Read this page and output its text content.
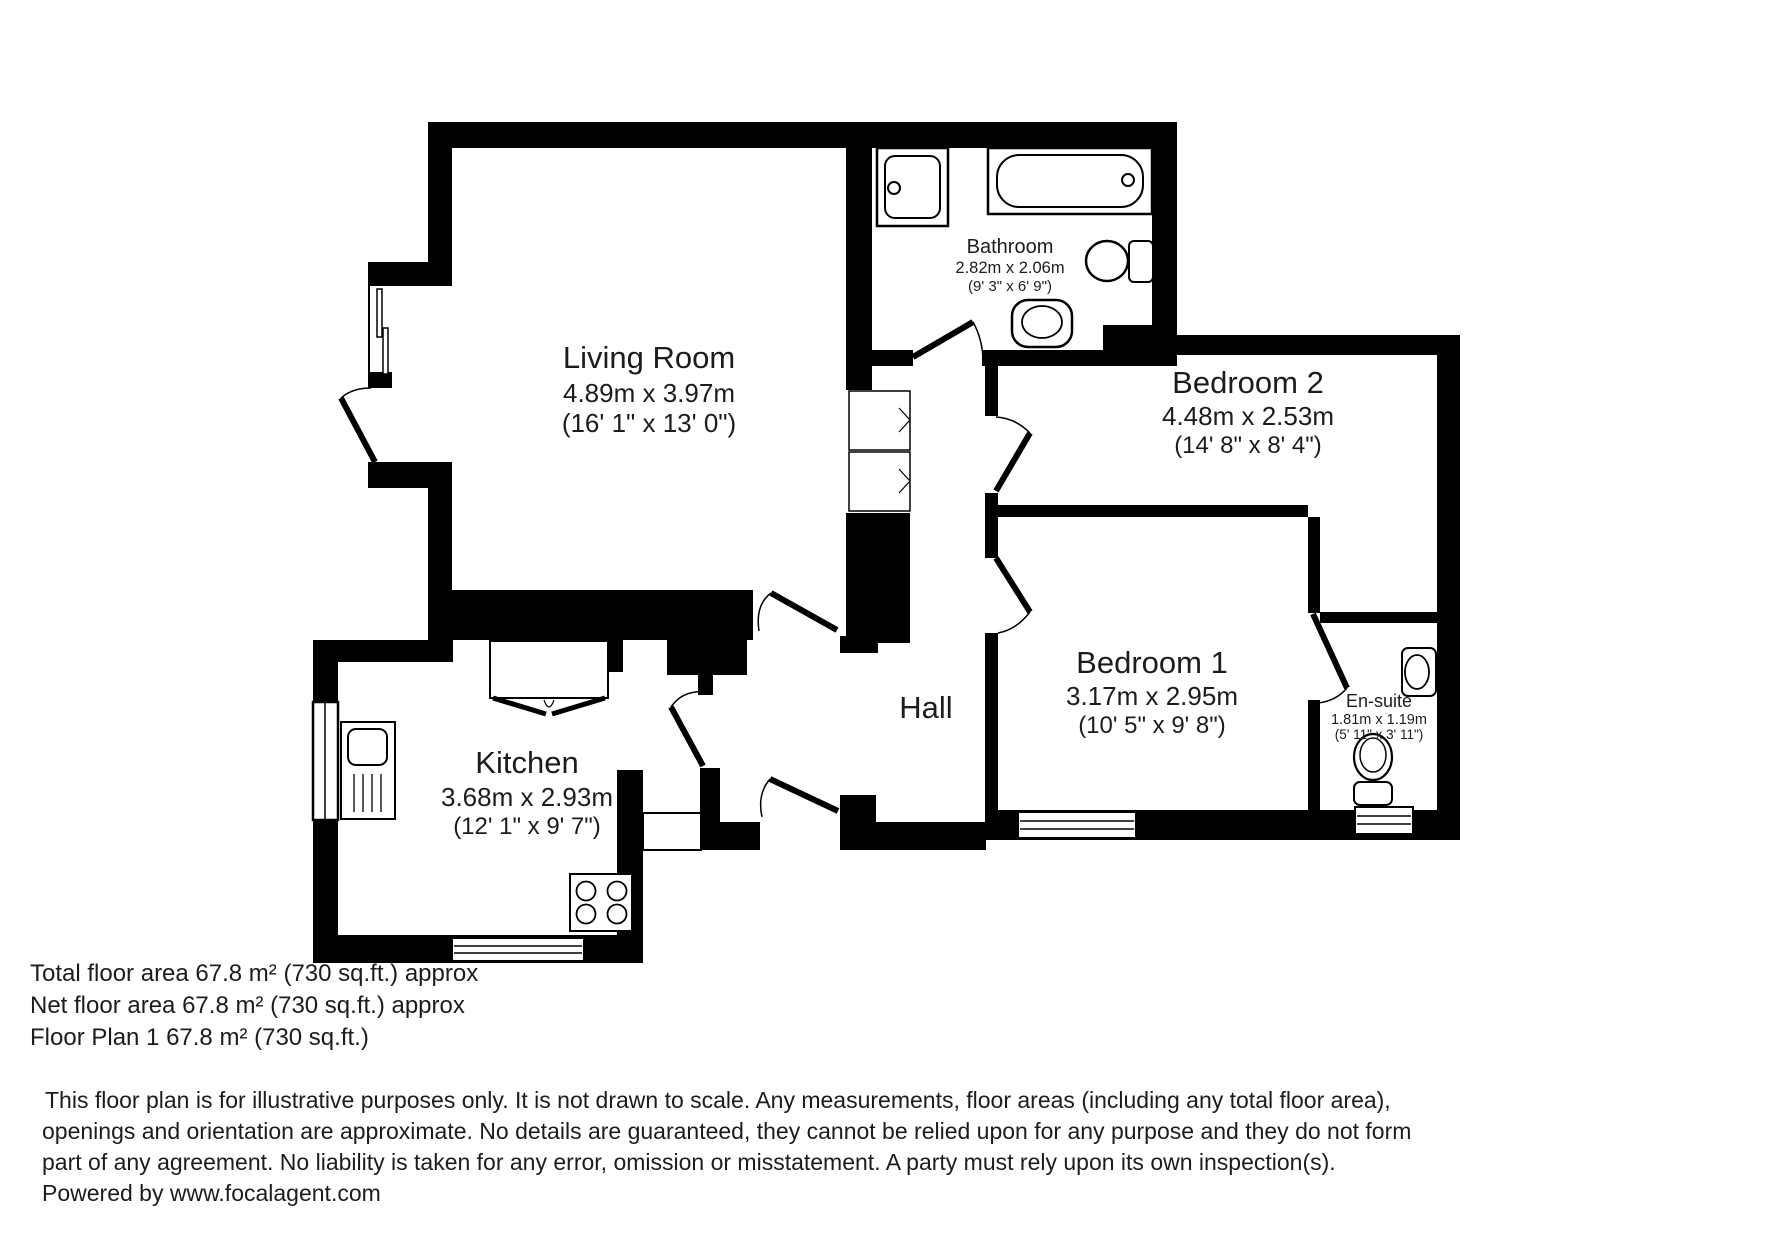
Living Room
4.89m x 3.97m
(16' 1" x 13' 0")
Bathroom
2.82m x 2.06m
(9' 3" x 6' 9")
Bedroom 2
4.48m x 2.53m
(14' 8" x 8' 4")
Bedroom 1
3.17m x 2.95m
(10' 5" x 9' 8")
Kitchen
3.68m x 2.93m
(12' 1" x 9' 7")
Hall	En-suite
1.81m x 1.19m
(5' 11" x 3' 11")
Total floor area 67.8 m² (730 sq.ft.) approx
Net floor area 67.8 m² (730 sq.ft.) approx
Floor Plan 1 67.8 m² (730 sq.ft.)
This floor plan is for illustrative purposes only. It is not drawn to scale. Any measurements, floor areas (including any total floor area),
openings and orientation are approximate. No details are guaranteed, they cannot be relied upon for any purpose and they do not form
part of any agreement. No liability is taken for any error, omission or misstatement. A party must rely upon its own inspection(s).
Powered by www.focalagent.com
